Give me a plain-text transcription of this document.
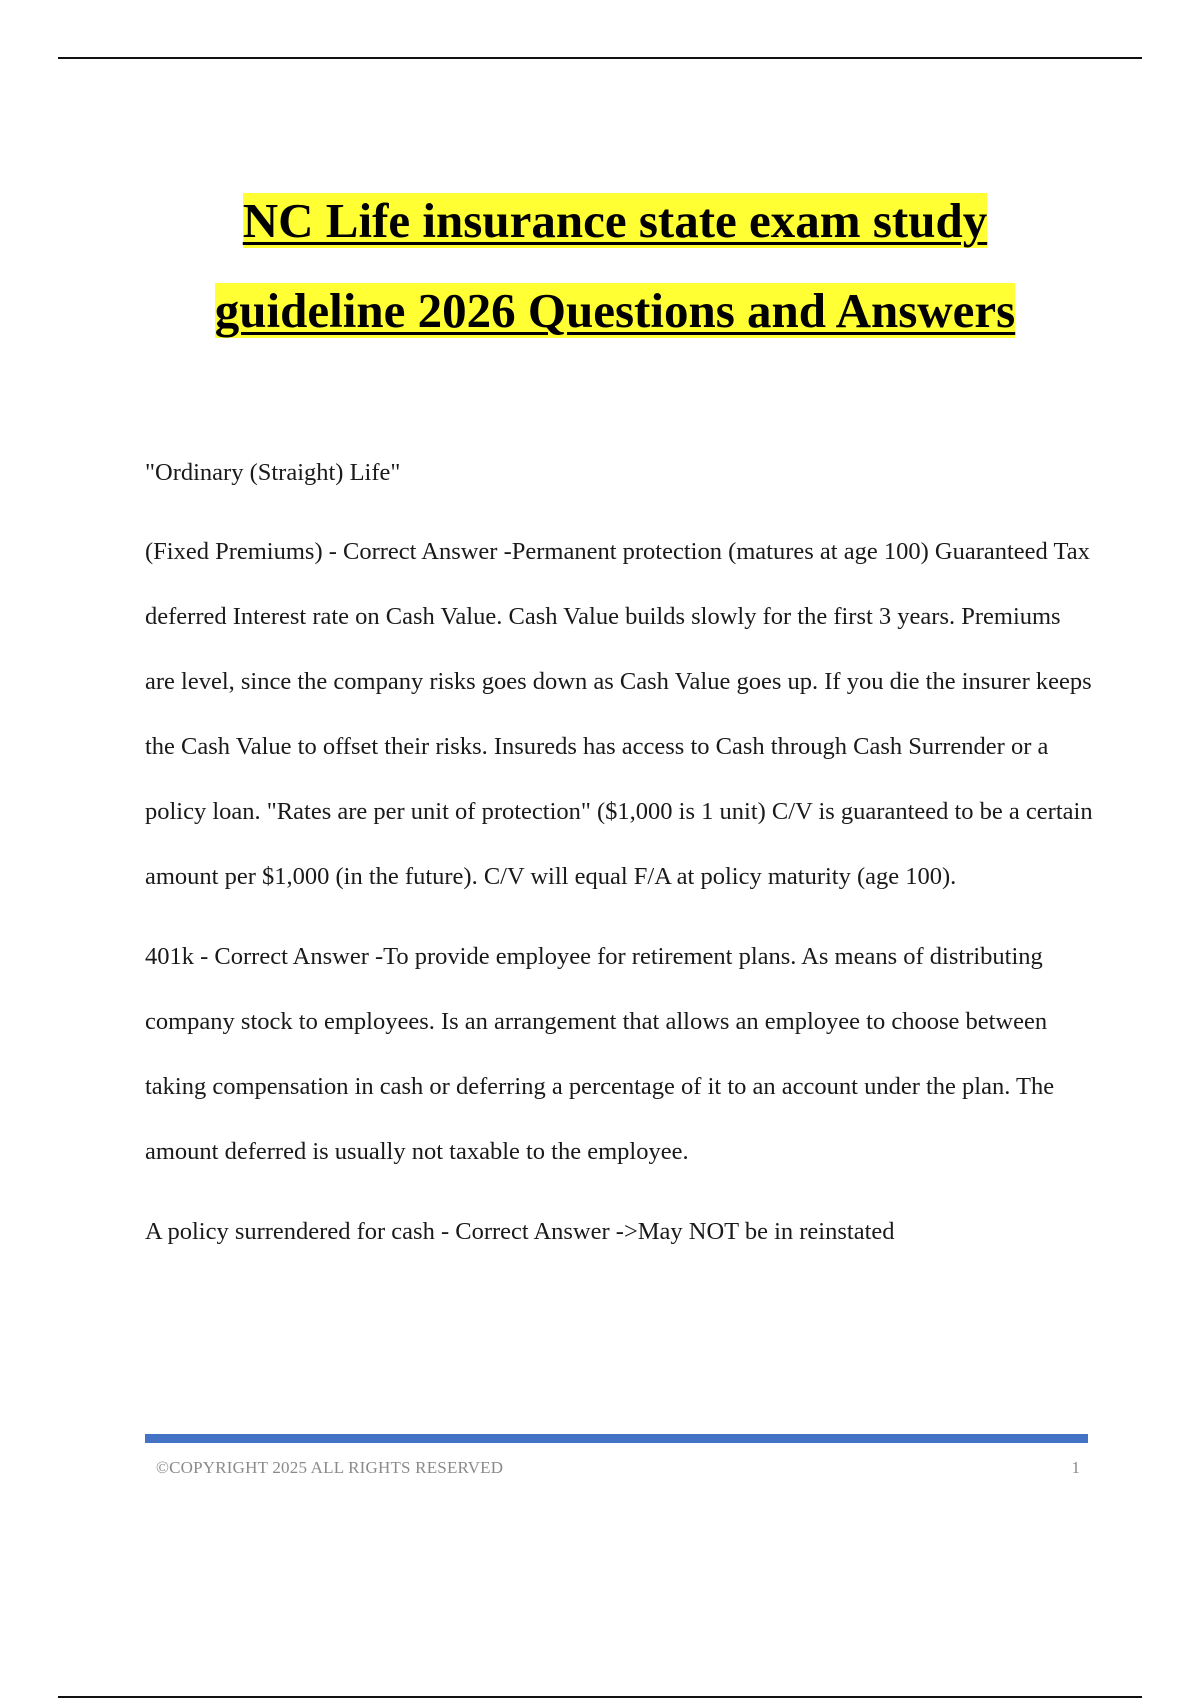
NC Life insurance state exam study
guideline 2026 Questions and Answers

"Ordinary (Straight) Life"

(Fixed Premiums) - Correct Answer -Permanent protection (matures at age 100) Guaranteed Tax deferred Interest rate on Cash Value. Cash Value builds slowly for the first 3 years. Premiums are level, since the company risks goes down as Cash Value goes up. If you die the insurer keeps the Cash Value to offset their risks. Insureds has access to Cash through Cash Surrender or a policy loan. "Rates are per unit of protection" ($1,000 is 1 unit) C/V is guaranteed to be a certain amount per $1,000 (in the future). C/V will equal F/A at policy maturity (age 100).

401k - Correct Answer -To provide employee for retirement plans. As means of distributing company stock to employees. Is an arrangement that allows an employee to choose between taking compensation in cash or deferring a percentage of it to an account under the plan. The amount deferred is usually not taxable to the employee.

A policy surrendered for cash - Correct Answer ->May NOT be in reinstated

©COPYRIGHT 2025 ALL RIGHTS RESERVED	1
